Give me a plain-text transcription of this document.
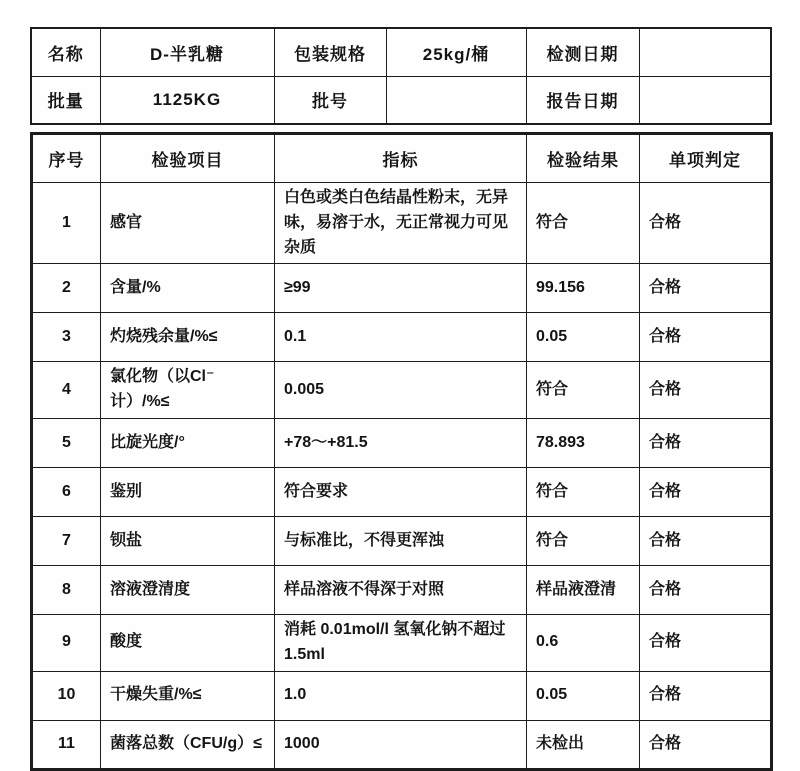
名称	D-半乳糖	包装规格	25kg/桶	检测日期	
批量	1125KG	批号		报告日期	
序号	检验项目	指标	检验结果	单项判定
1	感官	白色或类白色结晶性粉末，无异味，易溶于水，无正常视力可见杂质	符合	合格
2	含量/%	≥99	99.156	合格
3	灼烧残余量/%≤	0.1	0.05	合格
4	氯化物（以Cl⁻计）/%≤	0.005	符合	合格
5	比旋光度/°	+78～+81.5	78.893	合格
6	鉴别	符合要求	符合	合格
7	钡盐	与标准比，不得更浑浊	符合	合格
8	溶液澄清度	样品溶液不得深于对照	样品液澄清	合格
9	酸度	消耗 0.01mol/l 氢氧化钠不超过 1.5ml	0.6	合格
10	干燥失重/%≤	1.0	0.05	合格
11	菌落总数（CFU/g）≤	1000	未检出	合格
